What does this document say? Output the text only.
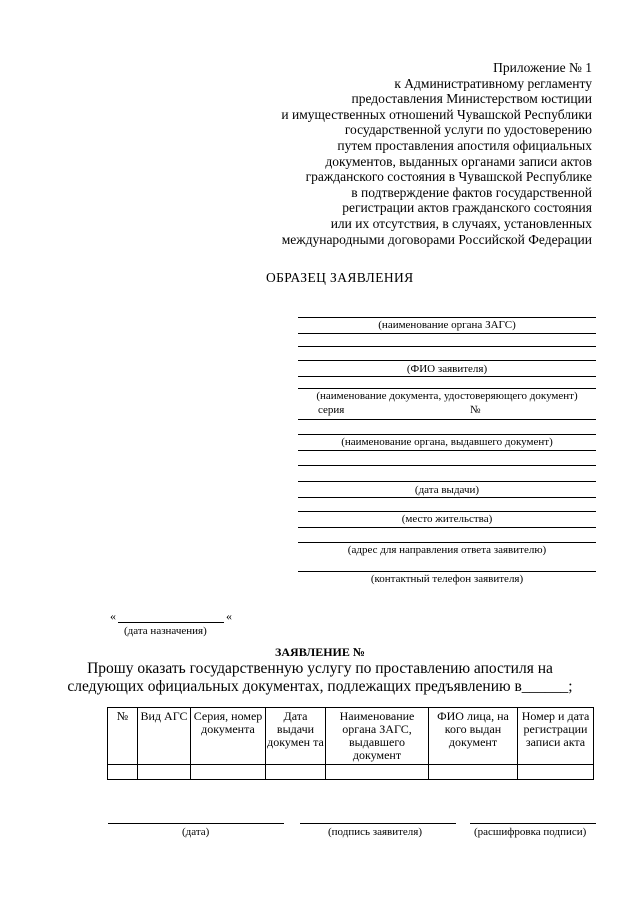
Приложение № 1
к Административному регламенту
предоставления Министерством юстиции
и имущественных отношений Чувашской Республики
государственной услуги по удостоверению
путем проставления апостиля официальных
документов, выданных органами записи актов
гражданского состояния в Чувашской Республике
в подтверждение фактов государственной
регистрации актов гражданского состояния
или их отсутствия, в случаях, установленных
международными договорами Российской Федерации
ОБРАЗЕЦ ЗАЯВЛЕНИЯ
(наименование органа ЗАГС)
(ФИО заявителя)
(наименование документа, удостоверяющего документ)
серия	№
(наименование органа, выдавшего документ)
(дата выдачи)
(место жительства)
(адрес для направления ответа заявителю)
(контактный телефон заявителя)
«	«
(дата назначения)
ЗАЯВЛЕНИЕ №
Прошу оказать государственную услугу по проставлению апостиля на
следующих официальных документах, подлежащих предъявлению в______;
№	Вид АГС	Серия, номер документа	Дата выдачи докумен та	Наименование органа ЗАГС, выдавшего документ	ФИО лица, на кого выдан документ	Номер и дата регистрации записи акта

(дата)	(подпись заявителя)	(расшифровка подписи)
